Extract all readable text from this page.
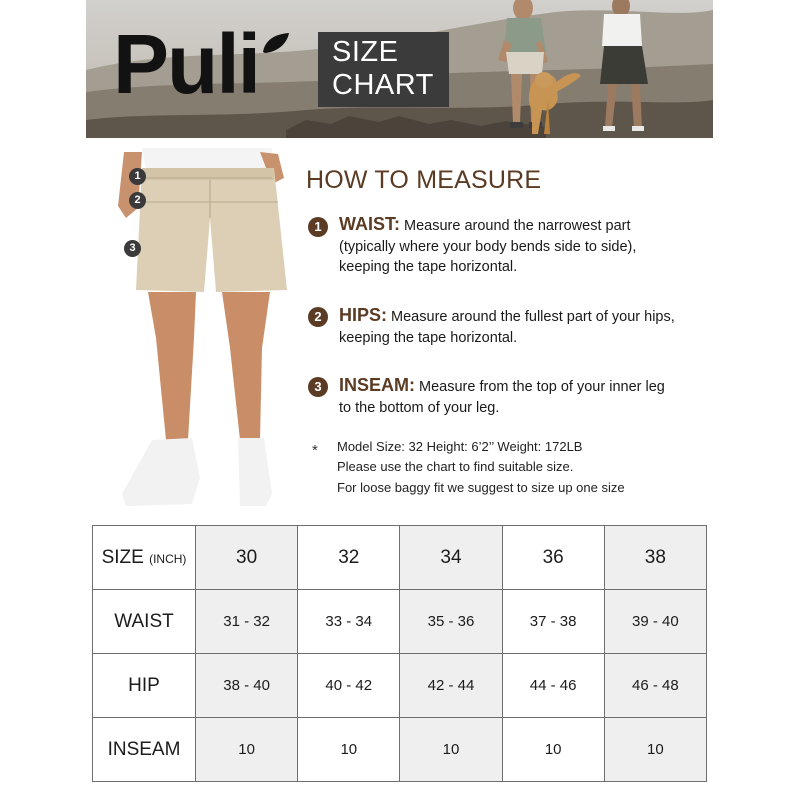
Puli	SIZE
CHART
1
2
3
HOW TO MEASURE
1 WAIST: Measure around the narrowest part
(typically where your body bends side to side),
keeping the tape horizontal.
2 HIPS: Measure around the fullest part of your hips,
keeping the tape horizontal.
3 INSEAM: Measure from the top of your inner leg
to the bottom of your leg.
* Model Size: 32 Height: 6’2’’ Weight: 172LB
Please use the chart to find suitable size.
For loose baggy fit we suggest to size up one size
SIZE (INCH)	30	32	34	36	38
WAIST	31 - 32	33 - 34	35 - 36	37 - 38	39 - 40
HIP	38 - 40	40 - 42	42 - 44	44 - 46	46 - 48
INSEAM	10	10	10	10	10
